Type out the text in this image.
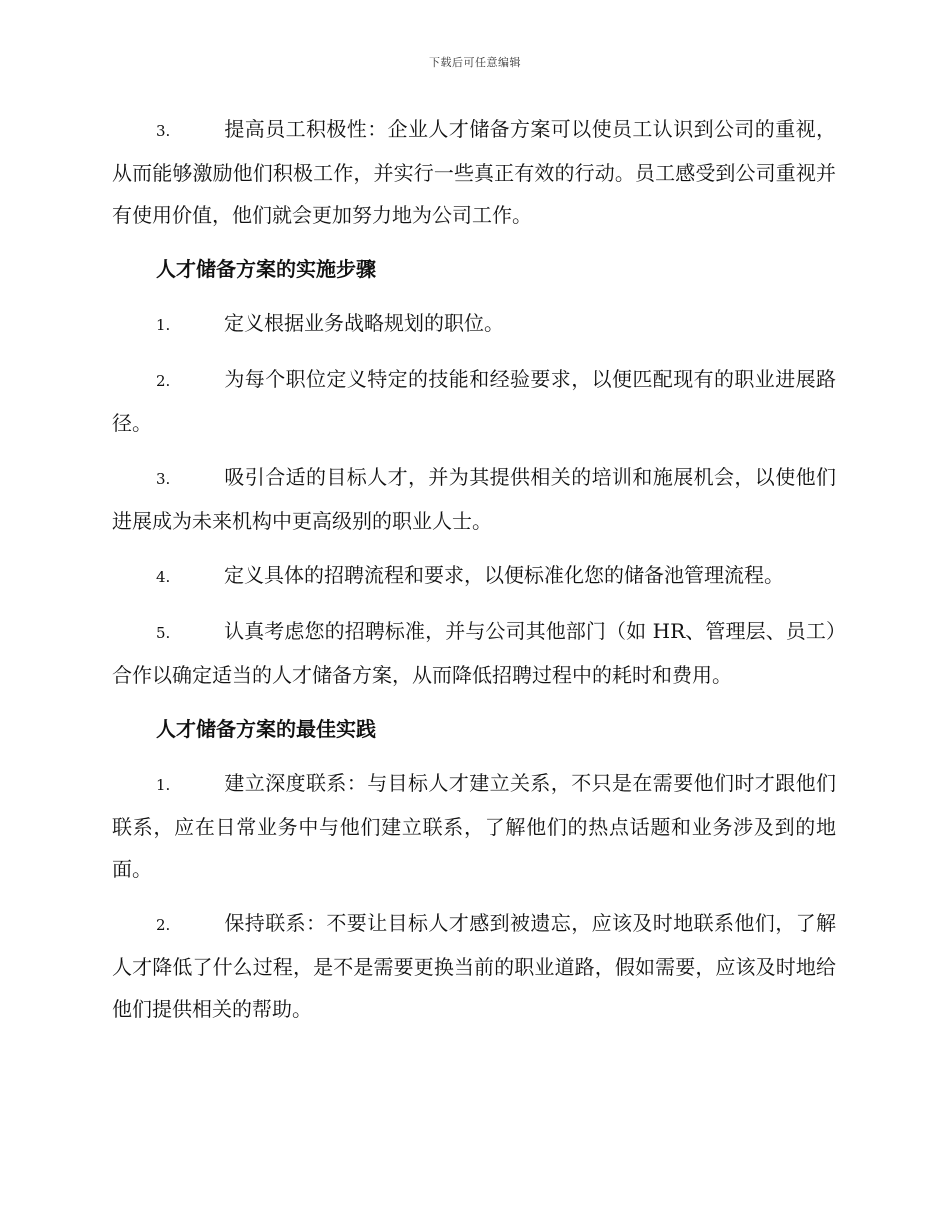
下载后可任意编辑

3.	提高员工积极性：企业人才储备方案可以使员工认识到公司的重视，从而能够激励他们积极工作，并实行一些真正有效的行动。员工感受到公司重视并有使用价值，他们就会更加努力地为公司工作。

人才储备方案的实施步骤

1.	定义根据业务战略规划的职位。

2.	为每个职位定义特定的技能和经验要求，以便匹配现有的职业进展路径。

3.	吸引合适的目标人才，并为其提供相关的培训和施展机会，以使他们进展成为未来机构中更高级别的职业人士。

4.	定义具体的招聘流程和要求，以便标准化您的储备池管理流程。

5.	认真考虑您的招聘标准，并与公司其他部门（如 HR、管理层、员工）合作以确定适当的人才储备方案，从而降低招聘过程中的耗时和费用。

人才储备方案的最佳实践

1.	建立深度联系：与目标人才建立关系，不只是在需要他们时才跟他们联系，应在日常业务中与他们建立联系，了解他们的热点话题和业务涉及到的地面。

2.	保持联系：不要让目标人才感到被遗忘，应该及时地联系他们，了解人才降低了什么过程，是不是需要更换当前的职业道路，假如需要，应该及时地给他们提供相关的帮助。
